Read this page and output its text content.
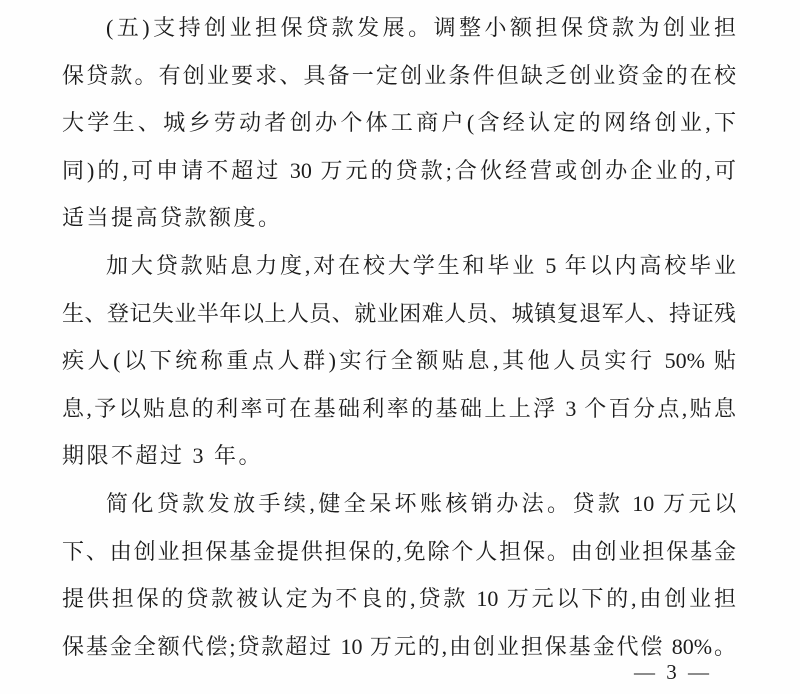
(五)支持创业担保贷款发展。调整小额担保贷款为创业担
保贷款。有创业要求、具备一定创业条件但缺乏创业资金的在校
大学生、城乡劳动者创办个体工商户(含经认定的网络创业,下
同)的,可申请不超过 30 万元的贷款;合伙经营或创办企业的,可
适当提高贷款额度。
加大贷款贴息力度,对在校大学生和毕业 5 年以内高校毕业
生、登记失业半年以上人员、就业困难人员、城镇复退军人、持证残
疾人(以下统称重点人群)实行全额贴息,其他人员实行 50% 贴
息,予以贴息的利率可在基础利率的基础上上浮 3 个百分点,贴息
期限不超过 3 年。
简化贷款发放手续,健全呆坏账核销办法。贷款 10 万元以
下、由创业担保基金提供担保的,免除个人担保。由创业担保基金
提供担保的贷款被认定为不良的,贷款 10 万元以下的,由创业担
保基金全额代偿;贷款超过 10 万元的,由创业担保基金代偿 80%。
— 3 —
